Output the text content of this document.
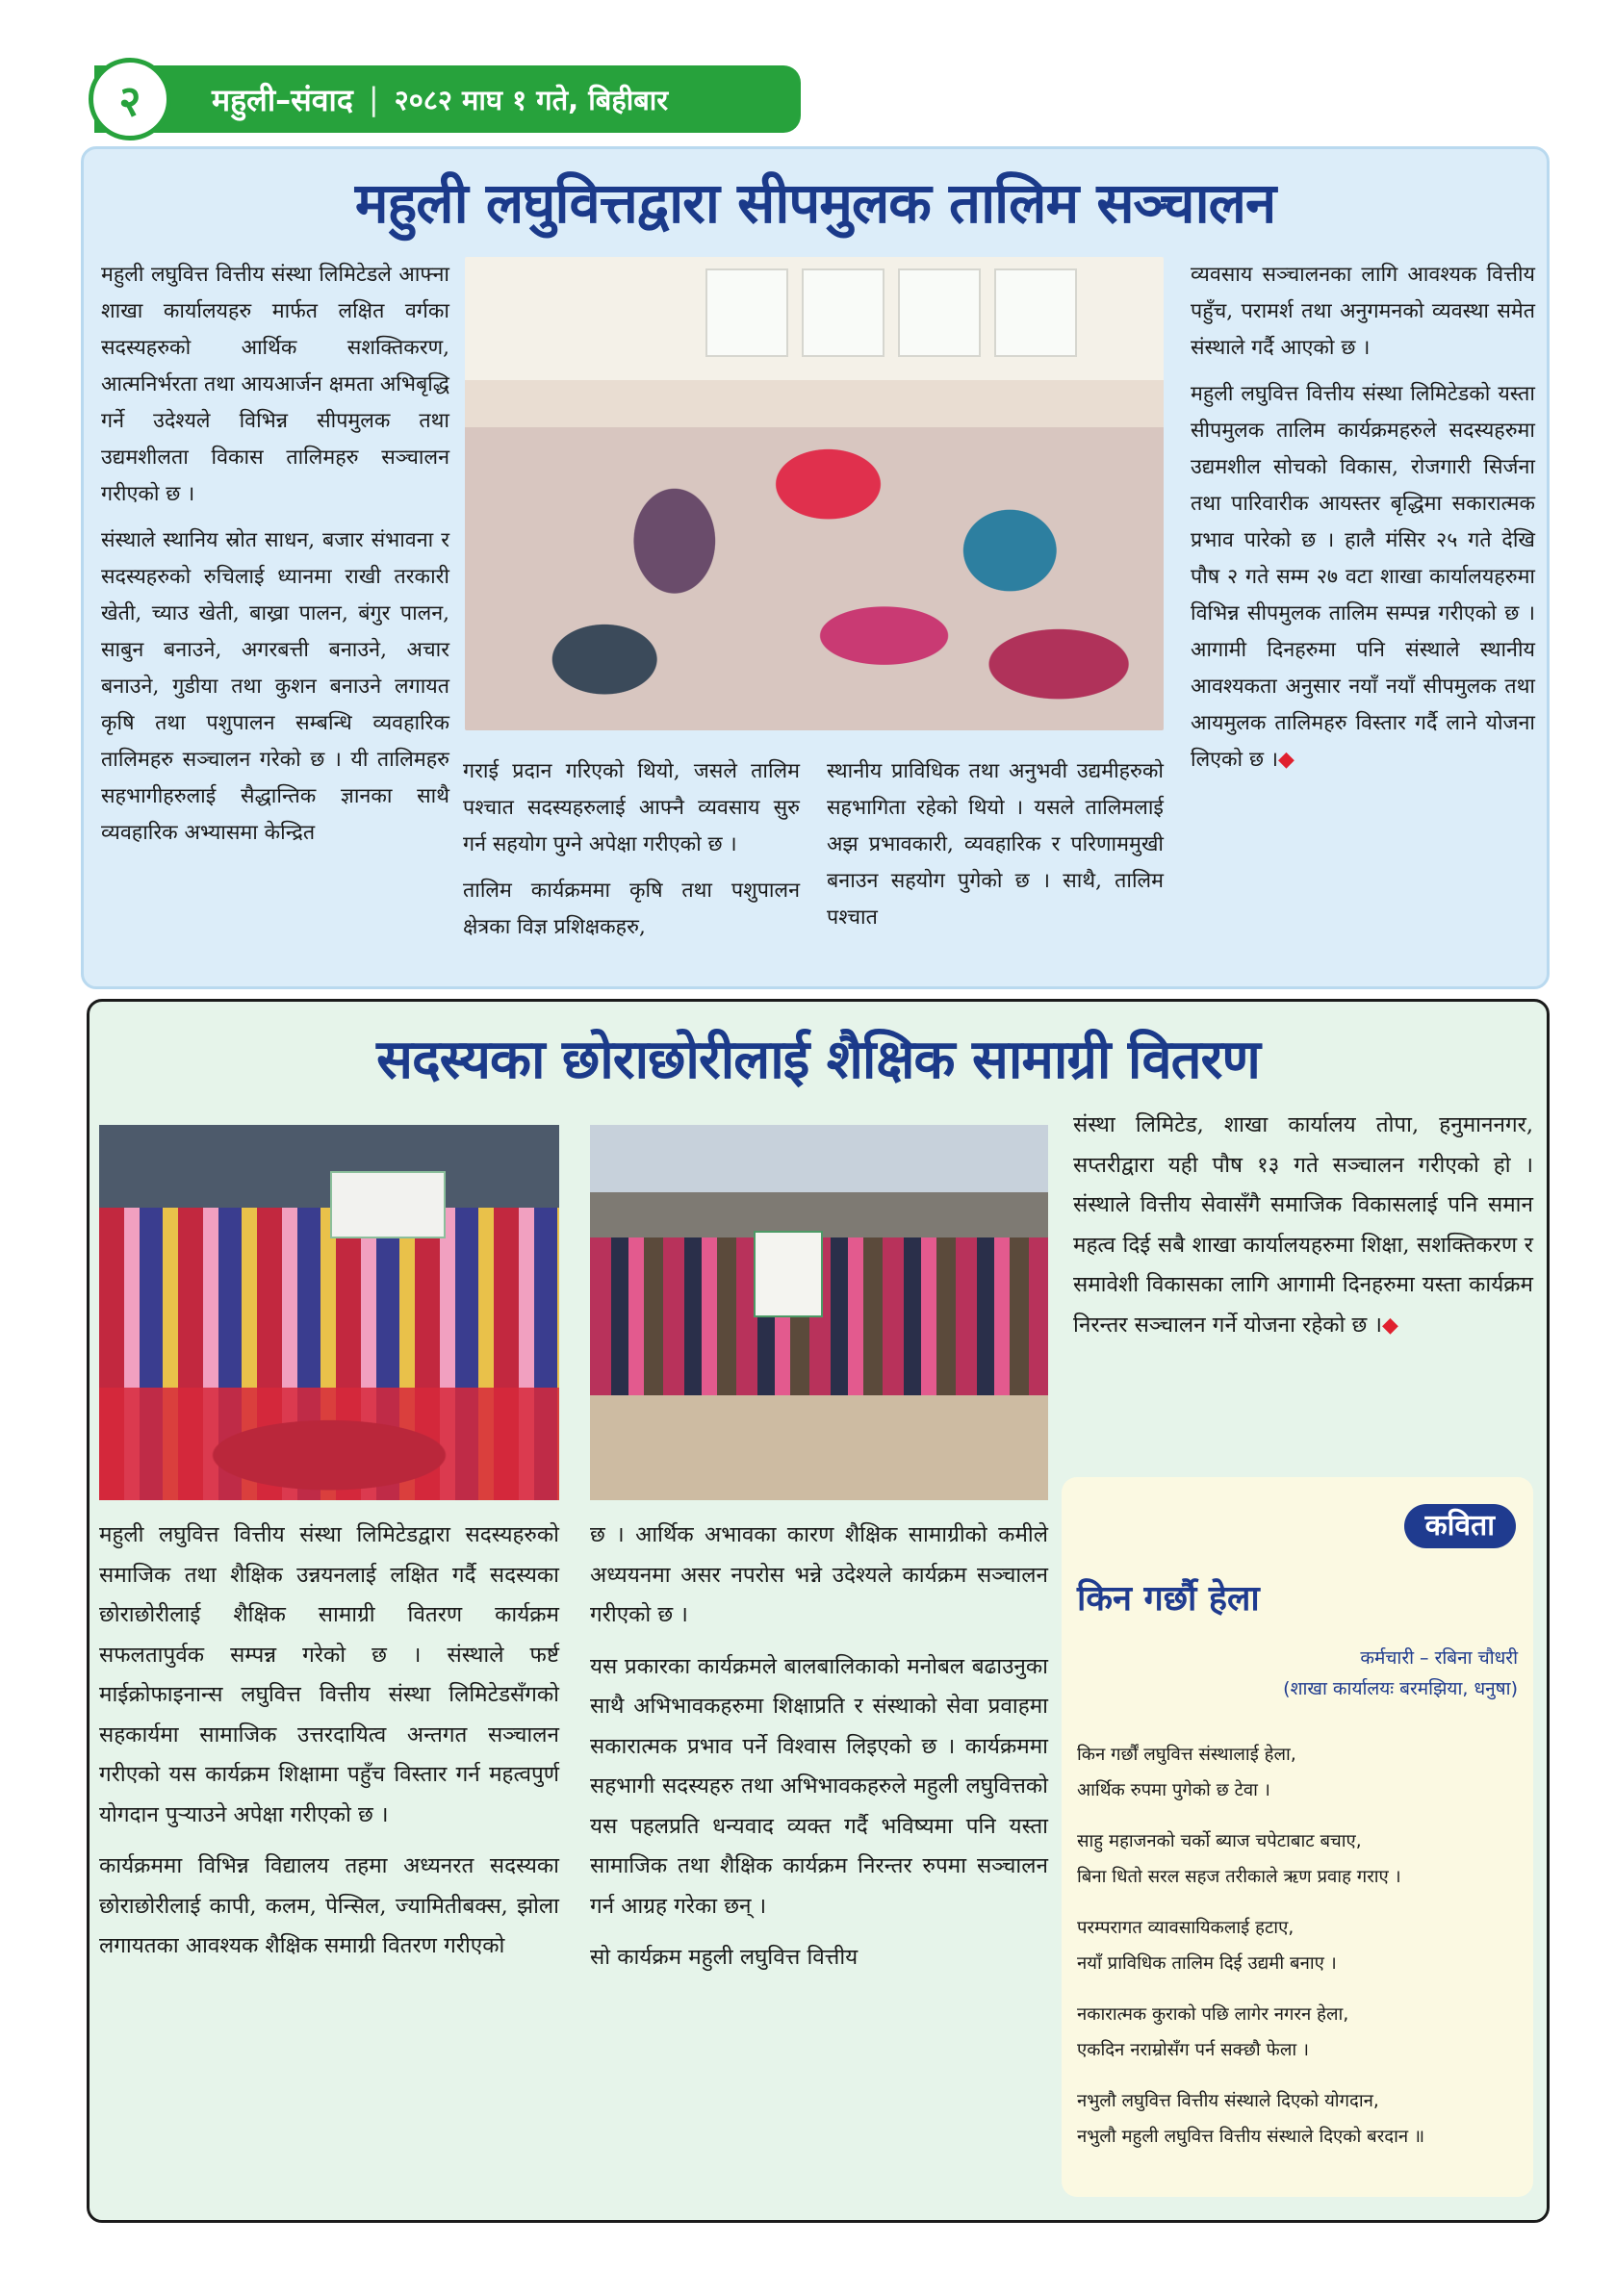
२	महुली–संवाद | २०८२ माघ १ गते, बिहीबार
महुली लघुवित्तद्वारा सीपमुलक तालिम सञ्चालन

महुली लघुवित्त वित्तीय संस्था लिमिटेडले आफ्ना शाखा कार्यालयहरु मार्फत लक्षित वर्गका सदस्यहरुको आर्थिक सशक्तिकरण, आत्मनिर्भरता तथा आयआर्जन क्षमता अभिबृद्धि गर्ने उदेश्यले विभिन्न सीपमुलक तथा उद्यमशीलता विकास तालिमहरु सञ्चालन गरीएको छ ।

संस्थाले स्थानिय स्रोत साधन, बजार संभावना र सदस्यहरुको रुचिलाई ध्यानमा राखी तरकारी खेती, च्याउ खेती, बाख्रा पालन, बंगुर पालन, साबुन बनाउने, अगरबत्ती बनाउने, अचार बनाउने, गुडीया तथा कुशन बनाउने लगायत कृषि तथा पशुपालन सम्बन्धि व्यवहारिक तालिमहरु सञ्चालन गरेको छ । यी तालिमहरु सहभागीहरुलाई सैद्धान्तिक ज्ञानका साथै व्यवहारिक अभ्यासमा केन्द्रित

गराई प्रदान गरिएको थियो, जसले तालिम पश्चात सदस्यहरुलाई आफ्नै व्यवसाय सुरु गर्न सहयोग पुग्ने अपेक्षा गरीएको छ ।

तालिम कार्यक्रममा कृषि तथा पशुपालन क्षेत्रका विज्ञ प्रशिक्षकहरु,

स्थानीय प्राविधिक तथा अनुभवी उद्यमीहरुको सहभागिता रहेको थियो । यसले तालिमलाई अझ प्रभावकारी, व्यवहारिक र परिणाममुखी बनाउन सहयोग पुगेको छ । साथै, तालिम पश्चात

व्यवसाय सञ्चालनका लागि आवश्यक वित्तीय पहुँच, परामर्श तथा अनुगमनको व्यवस्था समेत संस्थाले गर्दै आएको छ ।

महुली लघुवित्त वित्तीय संस्था लिमिटेडको यस्ता सीपमुलक तालिम कार्यक्रमहरुले सदस्यहरुमा उद्यमशील सोचको विकास, रोजगारी सिर्जना तथा पारिवारीक आयस्तर बृद्धिमा सकारात्मक प्रभाव पारेको छ । हालै मंसिर २५ गते देखि पौष २ गते सम्म २७ वटा शाखा कार्यालयहरुमा विभिन्न सीपमुलक तालिम सम्पन्न गरीएको छ । आगामी दिनहरुमा पनि संस्थाले स्थानीय आवश्यकता अनुसार नयाँ नयाँ सीपमुलक तथा आयमुलक तालिमहरु विस्तार गर्दै लाने योजना लिएको छ ।◆

सदस्यका छोराछोरीलाई शैक्षिक सामाग्री वितरण

महुली लघुवित्त वित्तीय संस्था लिमिटेडद्वारा सदस्यहरुको समाजिक तथा शैक्षिक उन्नयनलाई लक्षित गर्दै सदस्यका छोराछोरीलाई शैक्षिक सामाग्री वितरण कार्यक्रम सफलतापुर्वक सम्पन्न गरेको छ । संस्थाले फर्ष्ट माईक्रोफाइनान्स लघुवित्त वित्तीय संस्था लिमिटेडसँगको सहकार्यमा सामाजिक उत्तरदायित्व अन्तगत सञ्चालन गरीएको यस कार्यक्रम शिक्षामा पहुँच विस्तार गर्न महत्वपुर्ण योगदान पुऱ्याउने अपेक्षा गरीएको छ ।

कार्यक्रममा विभिन्न विद्यालय तहमा अध्यनरत सदस्यका छोराछोरीलाई कापी, कलम, पेन्सिल, ज्यामितीबक्स, झोला लगायतका आवश्यक शैक्षिक समाग्री वितरण गरीएको

छ । आर्थिक अभावका कारण शैक्षिक सामाग्रीको कमीले अध्ययनमा असर नपरोस भन्ने उदेश्यले कार्यक्रम सञ्चालन गरीएको छ ।

यस प्रकारका कार्यक्रमले बालबालिकाको मनोबल बढाउनुका साथै अभिभावकहरुमा शिक्षाप्रति र संस्थाको सेवा प्रवाहमा सकारात्मक प्रभाव पर्ने विश्वास लिइएको छ । कार्यक्रममा सहभागी सदस्यहरु तथा अभिभावकहरुले महुली लघुवित्तको यस पहलप्रति धन्यवाद व्यक्त गर्दै भविष्यमा पनि यस्ता सामाजिक तथा शैक्षिक कार्यक्रम निरन्तर रुपमा सञ्चालन गर्न आग्रह गरेका छन् ।

सो कार्यक्रम महुली लघुवित्त वित्तीय

संस्था लिमिटेड, शाखा कार्यालय तोपा, हनुमाननगर, सप्तरीद्वारा यही पौष १३ गते सञ्चालन गरीएको हो । संस्थाले वित्तीय सेवासँगै समाजिक विकासलाई पनि समान महत्व दिई सबै शाखा कार्यालयहरुमा शिक्षा, सशक्तिकरण र समावेशी विकासका लागि आगामी दिनहरुमा यस्ता कार्यक्रम निरन्तर सञ्चालन गर्ने योजना रहेको छ ।◆

कविता
किन गर्छौ हेला
कर्मचारी – रबिना चौधरी
(शाखा कार्यालयः बरमझिया, धनुषा)
किन गर्छौं लघुवित्त संस्थालाई हेला,
आर्थिक रुपमा पुगेको छ टेवा ।
साहु महाजनको चर्को ब्याज चपेटाबाट बचाए,
बिना धितो सरल सहज तरीकाले ऋण प्रवाह गराए ।
परम्परागत व्यावसायिकलाई हटाए,
नयाँ प्राविधिक तालिम दिई उद्यमी बनाए ।
नकारात्मक कुराको पछि लागेर नगरन हेला,
एकदिन नराम्रोसँग पर्न सक्छौ फेला ।
नभुलौ लघुवित्त वित्तीय संस्थाले दिएको योगदान,
नभुलौ महुली लघुवित्त वित्तीय संस्थाले दिएको बरदान ॥
